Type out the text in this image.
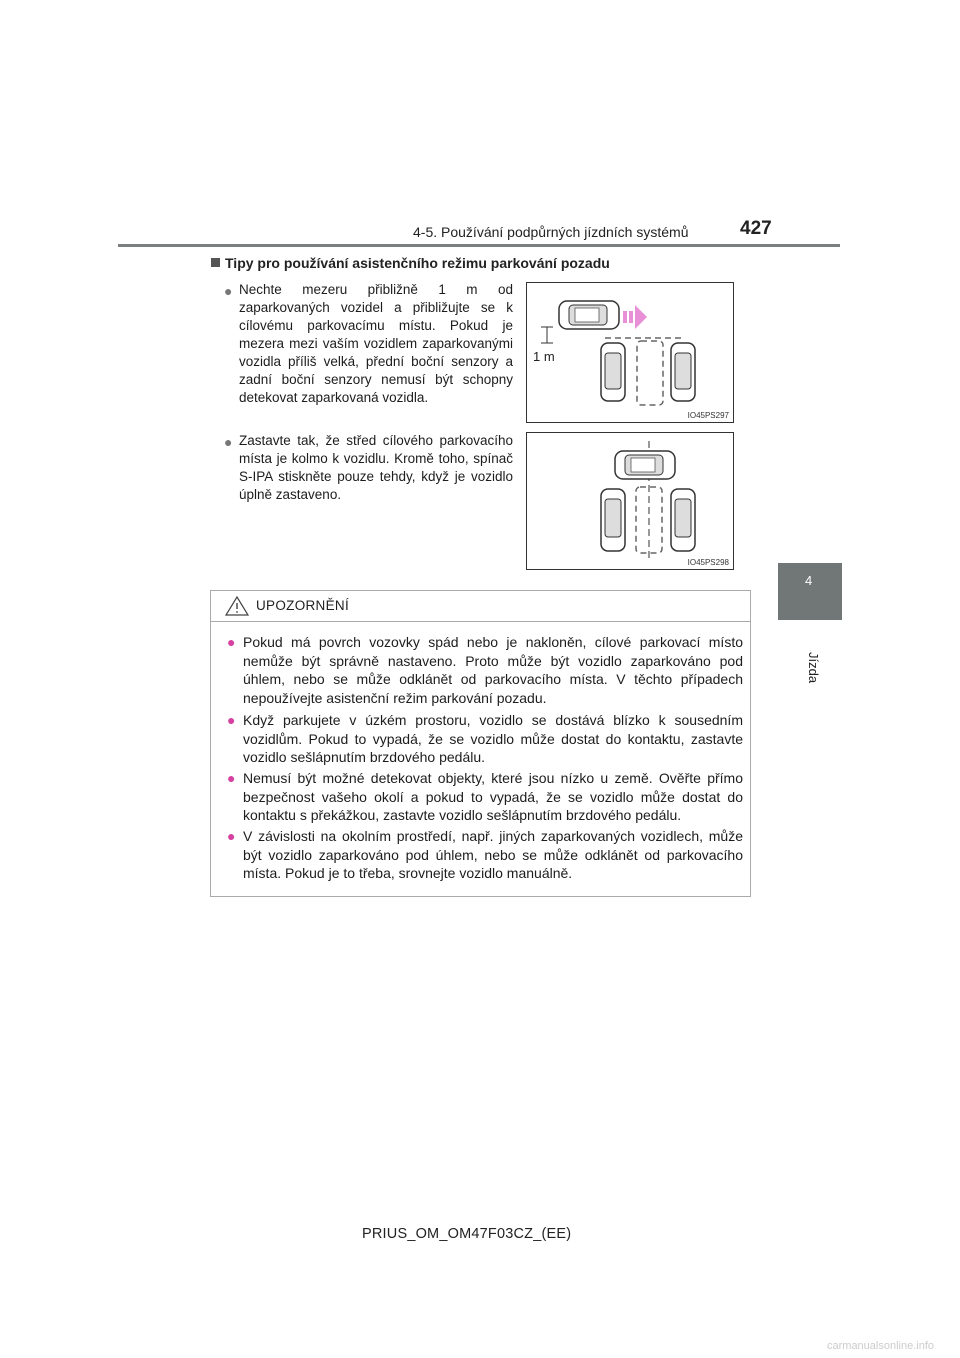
4-5. Používání podpůrných jízdních systémů	427
4
Jízda
Tipy pro používání asistenčního režimu parkování pozadu
● Nechte mezeru přibližně 1 m od zaparkovaných vozidel a přibližujte se k cílovému parkovacímu místu. Pokud je mezera mezi vaším vozidlem zaparkovanými vozidla příliš velká, přední boční senzory a zadní boční senzory nemusí být schopny detekovat zaparkovaná vozidla.
1 m
IO45PS297
● Zastavte tak, že střed cílového parkovacího místa je kolmo k vozidlu. Kromě toho, spínač S-IPA stiskněte pouze tehdy, když je vozidlo úplně zastaveno.
IO45PS298
UPOZORNĚNÍ
● Pokud má povrch vozovky spád nebo je nakloněn, cílové parkovací místo nemůže být správně nastaveno. Proto může být vozidlo zaparkováno pod úhlem, nebo se může odklánět od parkovacího místa. V těchto případech nepoužívejte asistenční režim parkování pozadu.
● Když parkujete v úzkém prostoru, vozidlo se dostává blízko k sousedním vozidlům. Pokud to vypadá, že se vozidlo může dostat do kontaktu, zastavte vozidlo sešlápnutím brzdového pedálu.
● Nemusí být možné detekovat objekty, které jsou nízko u země. Ověřte přímo bezpečnost vašeho okolí a pokud to vypadá, že se vozidlo může dostat do kontaktu s překážkou, zastavte vozidlo sešlápnutím brzdového pedálu.
● V závislosti na okolním prostředí, např. jiných zaparkovaných vozidlech, může být vozidlo zaparkováno pod úhlem, nebo se může odklánět od parkovacího místa. Pokud je to třeba, srovnejte vozidlo manuálně.
PRIUS_OM_OM47F03CZ_(EE)
carmanualsonline.info
